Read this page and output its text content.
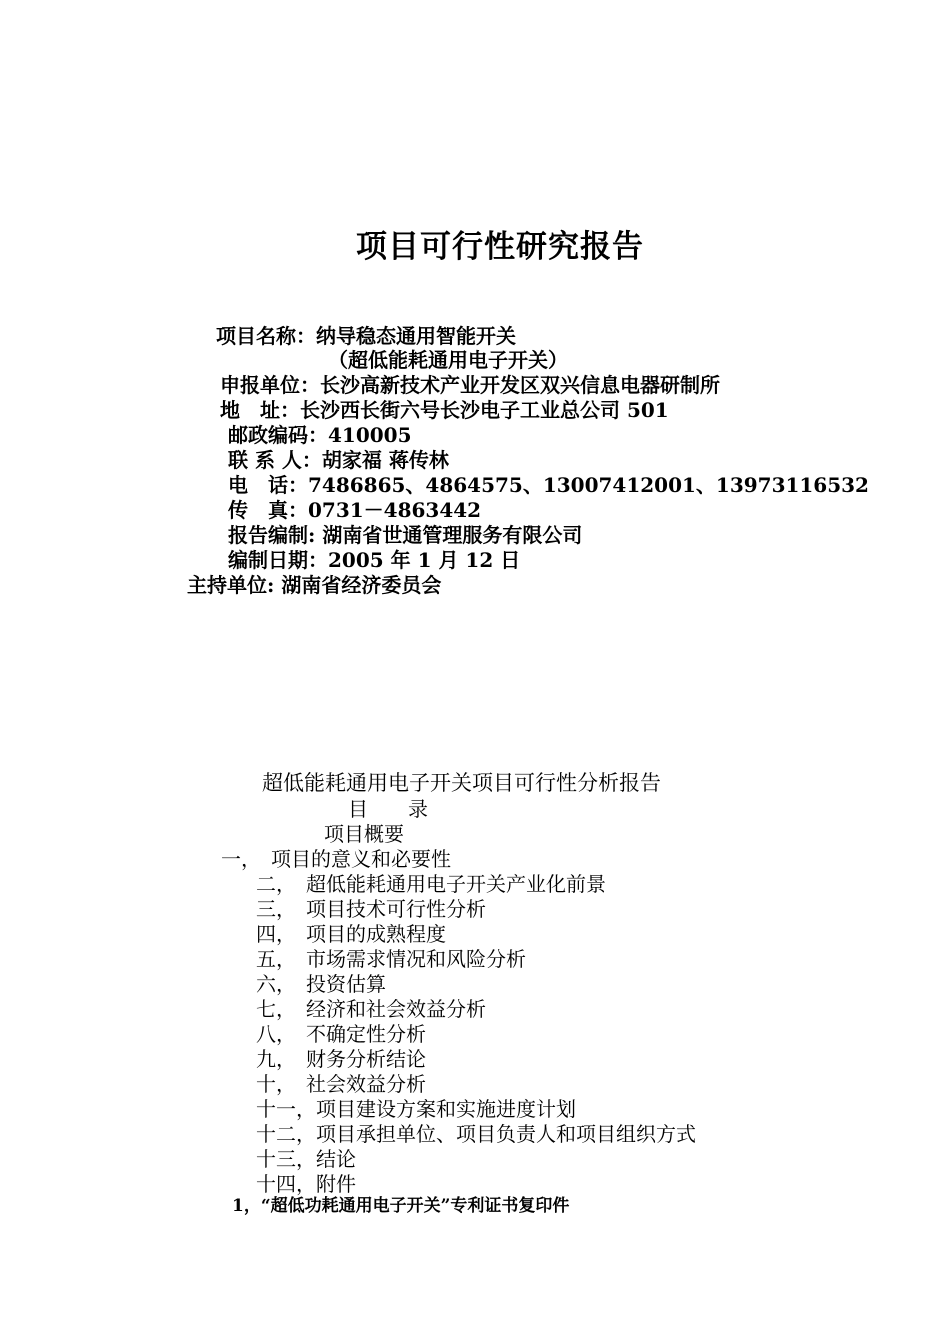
项目可行性研究报告
项目名称：纳导稳态通用智能开关
（超低能耗通用电子开关）
申报单位：长沙高新技术产业开发区双兴信息电器研制所
地　址：长沙西长街六号长沙电子工业总公司 501
邮政编码：410005
联 系 人：胡家福 蒋传林
电　话：7486865、4864575、13007412001、13973116532
传　真：0731－4863442
报告编制: 湖南省世通管理服务有限公司
编制日期：2005 年 1 月 12 日
主持单位: 湖南省经济委员会
超低能耗通用电子开关项目可行性分析报告
目　　录
项目概要
一，　项目的意义和必要性
二，　超低能耗通用电子开关产业化前景
三，　项目技术可行性分析
四，　项目的成熟程度
五，　市场需求情况和风险分析
六，　投资估算
七，　经济和社会效益分析
八，　不确定性分析
九，　财务分析结论
十，　社会效益分析
十一，项目建设方案和实施进度计划
十二，项目承担单位、项目负责人和项目组织方式
十三，结论
十四，附件
1，“超低功耗通用电子开关”专利证书复印件
